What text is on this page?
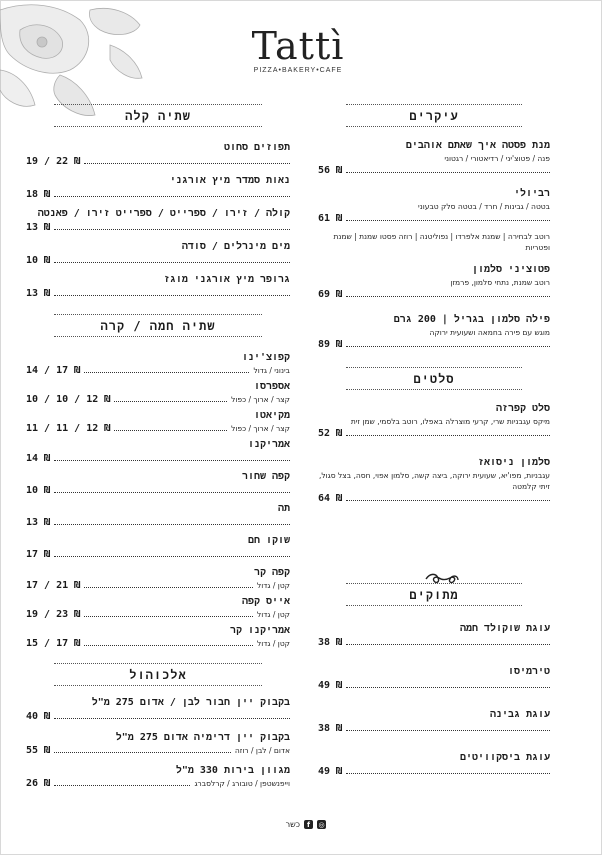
Tattì
PIZZA•BAKERY•CAFE
עיקרים
מנת פסטה איך שאתם אוהבים
פנה / פטוצ'יני / רדיאטורי / רגטוני
56 ₪
רביולי
בטטה / גבינות / חרד / בטטה סלק טבעוני
61 ₪
רוטב לבחירה | שמנת אלפרדו | נפוליטנה | רוזה פסטו שמנת | שמנת ופטריות
פטוציני סלמון
רוטב שמנת, נתחי סלמון, פרמזן
69 ₪
פילה סלמון בגריל | 200 גרם
מוגש עם פירה בחמאה ושעועית ירוקה
89 ₪
סלטים
סלט קפרזה
מיקס עגבניות שרי, קרעי מוצרלה באפלו, רוטב בלסמי, שמן זית
52 ₪
סלמון ניסואז
עגבניות, מפו'יא, שעועית ירוקה, ביצה קשה, סלמון אפוי, חסה, בצל סגול, זיתי קלמטה
64 ₪
מתוקים
עוגת שוקולד חמה
38 ₪
טירמיסו
49 ₪
עוגת גבינה
38 ₪
עוגת ביסקוויטים
49 ₪
שתיה קלה
תפוזים סחוט
19 / 22 ₪
נאות סמדר מיץ אורגני
18 ₪
קולה / זירו / ספרייט / ספרייט זירו / פאנטה
13 ₪
מים מינרלים / סודה
10 ₪
גרופר מיץ אורגני מוגז
13 ₪
שתיה חמה / קרה
קפוצ'ינו
בינוני / גדול
14 / 17 ₪
אספרסו
קצר / ארוך / כפול
10 / 10 / 12 ₪
מקיאטו
קצר / ארוך / כפול
11 / 11 / 12 ₪
אמריקנו
14 ₪
קפה שחור
10 ₪
תה
13 ₪
שוקו חם
17 ₪
קפה קר
קטן / גדול
17 / 21 ₪
אייס קפה
קטן / גדול
19 / 23 ₪
אמריקנו קר
קטן / גדול
15 / 17 ₪
אלכוהול
בקבוק יין חבור לבן / אדום 275 מ"ל
40 ₪
בקבוק יין דרימיה אדום 275 מ"ל
אדום / לבן / רוזה
55 ₪
מגוון בירות 330 מ"ל
וייפנשטפן / טובורג / קרלסברג
26 ₪
◎
f
כשר
